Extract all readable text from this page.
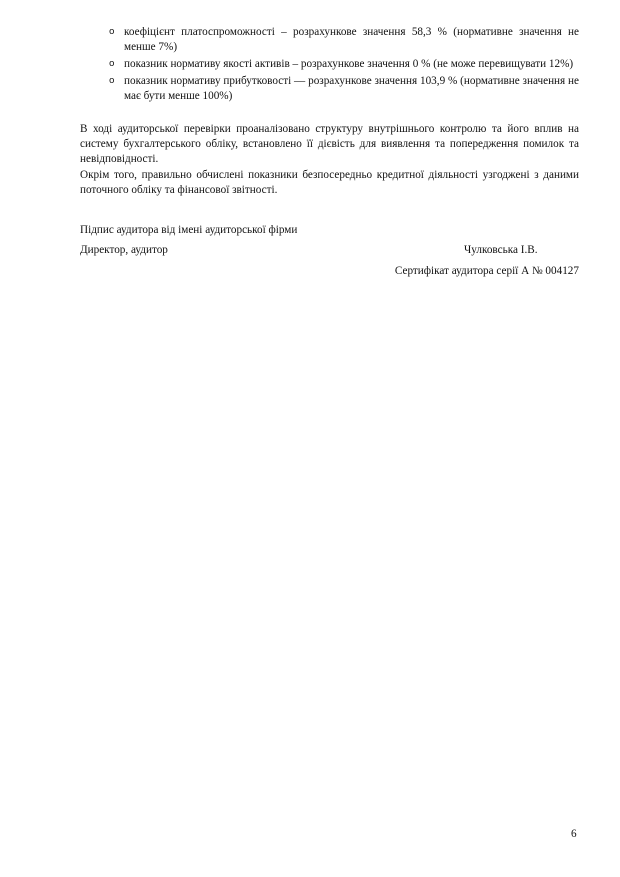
o коефіцієнт платоспроможності – розрахункове значення 58,3 % (нормативне значення не менше 7%)
o показник нормативу якості активів – розрахункове значення 0 % (не може перевищувати 12%)
o показник нормативу прибутковості — розрахункове значення 103,9 % (нормативне значення не має бути менше 100%)

В ході аудиторської перевірки проаналізовано структуру внутрішнього контролю та його вплив на систему бухгалтерського обліку, встановлено її дієвість для виявлення та попередження помилок та невідповідності.

Окрім того, правильно обчислені показники безпосередньо кредитної діяльності узгоджені з даними поточного обліку та фінансової звітності.

Підпис аудитора від імені аудиторської фірми

Директор, аудитор	Чулковська І.В.

Сертифікат аудитора серії А № 004127

6
